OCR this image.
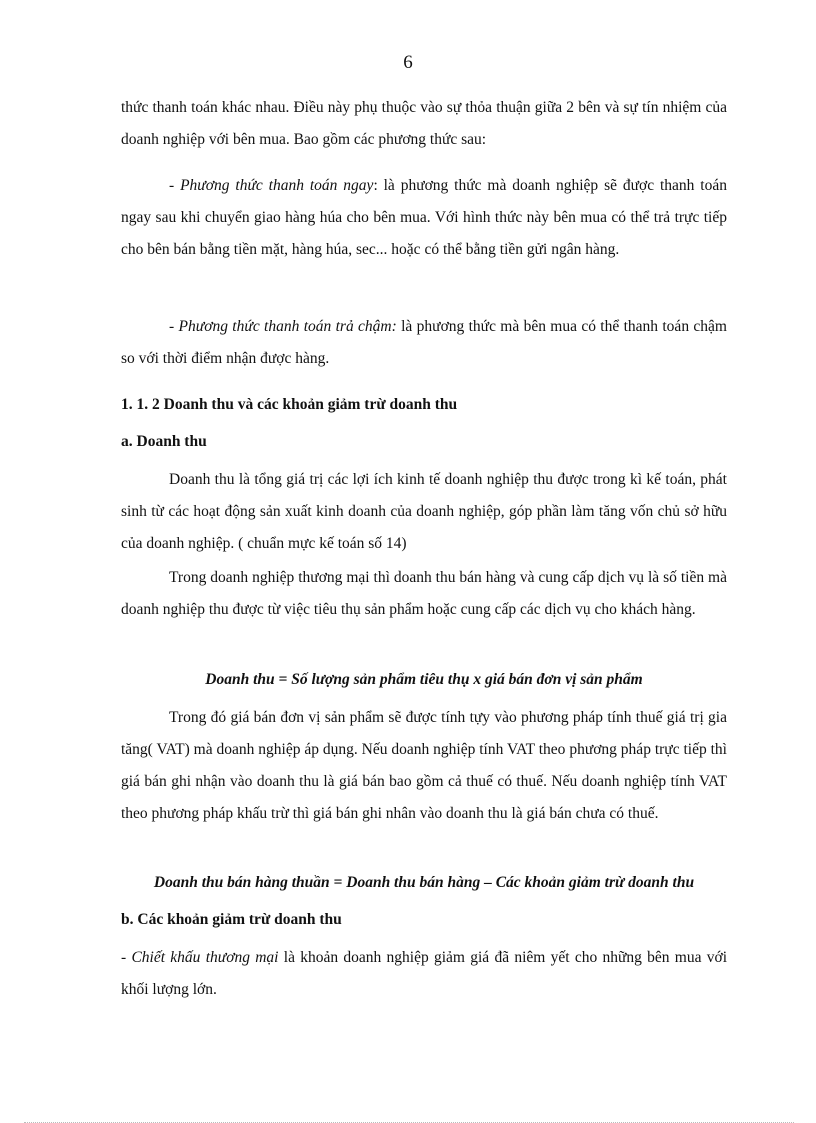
6

thức thanh toán khác nhau. Điều này phụ thuộc vào sự thỏa thuận giữa 2 bên và sự tín nhiệm của doanh nghiệp với bên mua. Bao gồm các phương thức sau:

- Phương thức thanh toán ngay: là phương thức mà doanh nghiệp sẽ được thanh toán ngay sau khi chuyển giao hàng húa cho bên mua. Với hình thức này bên mua có thể trả trực tiếp cho bên bán bằng tiền mặt, hàng húa, sec... hoặc có thể bằng tiền gửi ngân hàng.

- Phương thức thanh toán trả chậm: là phương thức mà bên mua có thể thanh toán chậm so với thời điểm nhận được hàng.

1. 1. 2 Doanh thu và các khoản giảm trừ doanh thu
a. Doanh thu

Doanh thu là tổng giá trị các lợi ích kinh tế doanh nghiệp thu được trong kì kế toán, phát sinh từ các hoạt động sản xuất kinh doanh của doanh nghiệp, góp phần làm tăng vốn chủ sở hữu của doanh nghiệp. ( chuẩn mực kế toán số 14)

Trong doanh nghiệp thương mại thì doanh thu bán hàng và cung cấp dịch vụ là số tiền mà doanh nghiệp thu được từ việc tiêu thụ sản phẩm hoặc cung cấp các dịch vụ cho khách hàng.

Doanh thu = Số lượng sản phẩm tiêu thụ x giá bán đơn vị sản phẩm

Trong đó giá bán đơn vị sản phẩm sẽ được tính tựy vào phương pháp tính thuế giá trị gia tăng( VAT) mà doanh nghiệp áp dụng. Nếu doanh nghiệp tính VAT theo phương pháp trực tiếp thì giá bán ghi nhận vào doanh thu là giá bán bao gồm cả thuế có thuế. Nếu doanh nghiệp tính VAT theo phương pháp khấu trừ thì giá bán ghi nhân vào doanh thu là giá bán chưa có thuế.

Doanh thu bán hàng thuần = Doanh thu bán hàng – Các khoản giảm trừ doanh thu
b. Các khoản giảm trừ doanh thu

- Chiết khấu thương mại là khoản doanh nghiệp giảm giá đã niêm yết cho những bên mua với khối lượng lớn.
